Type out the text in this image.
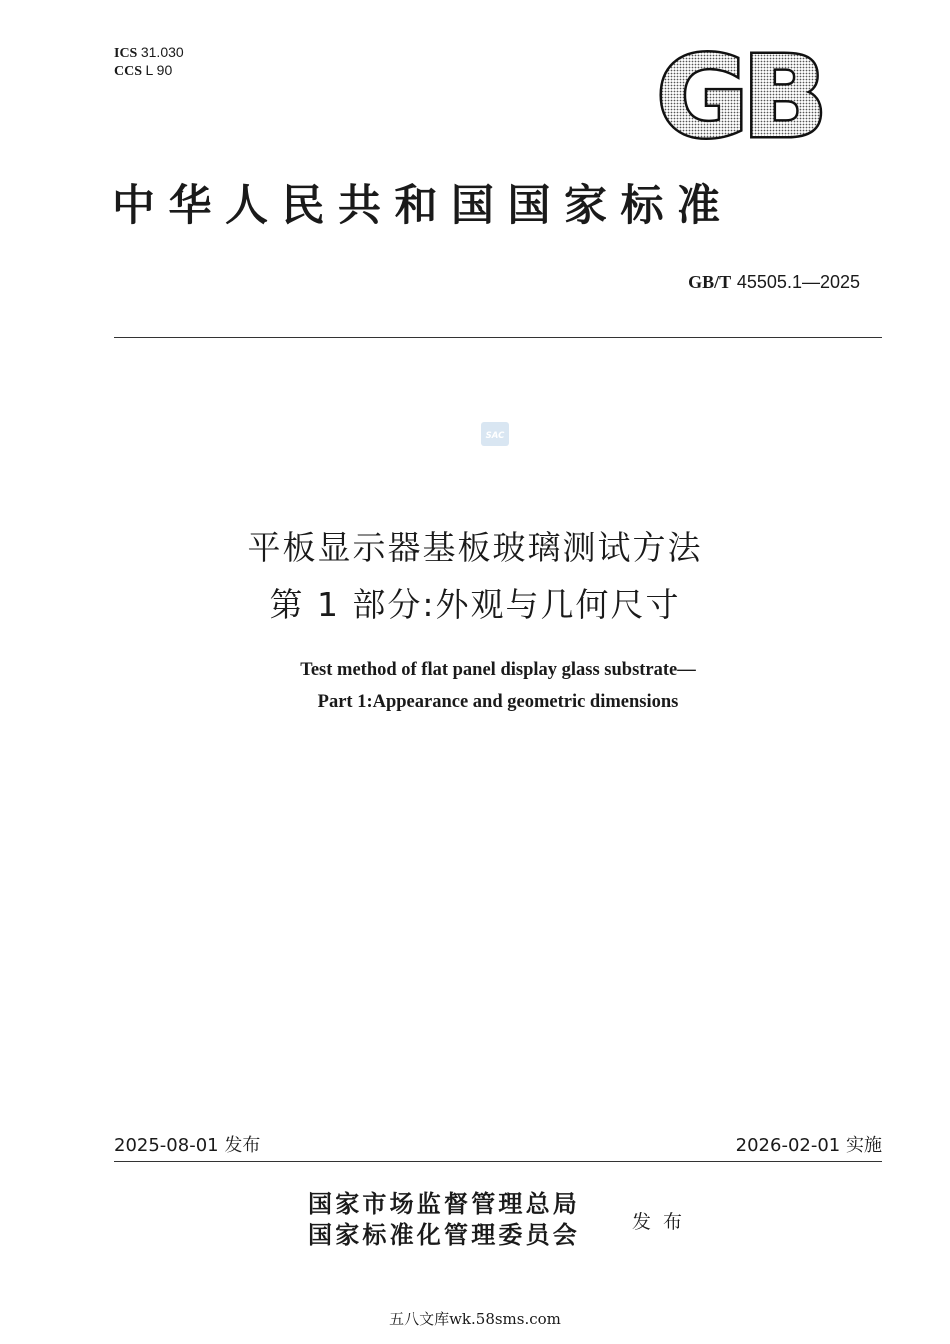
ICS 31.030
CCS L 90	GB
中华人民共和国国家标准
GB/T 45505.1—2025
SAC
平板显示器基板玻璃测试方法
第 1 部分:外观与几何尺寸
Test method of flat panel display glass substrate—
Part 1:Appearance and geometric dimensions
2025-08-01 发布	2026-02-01 实施
国家市场监督管理总局
国家标准化管理委员会	发布
五八文库wk.58sms.com
